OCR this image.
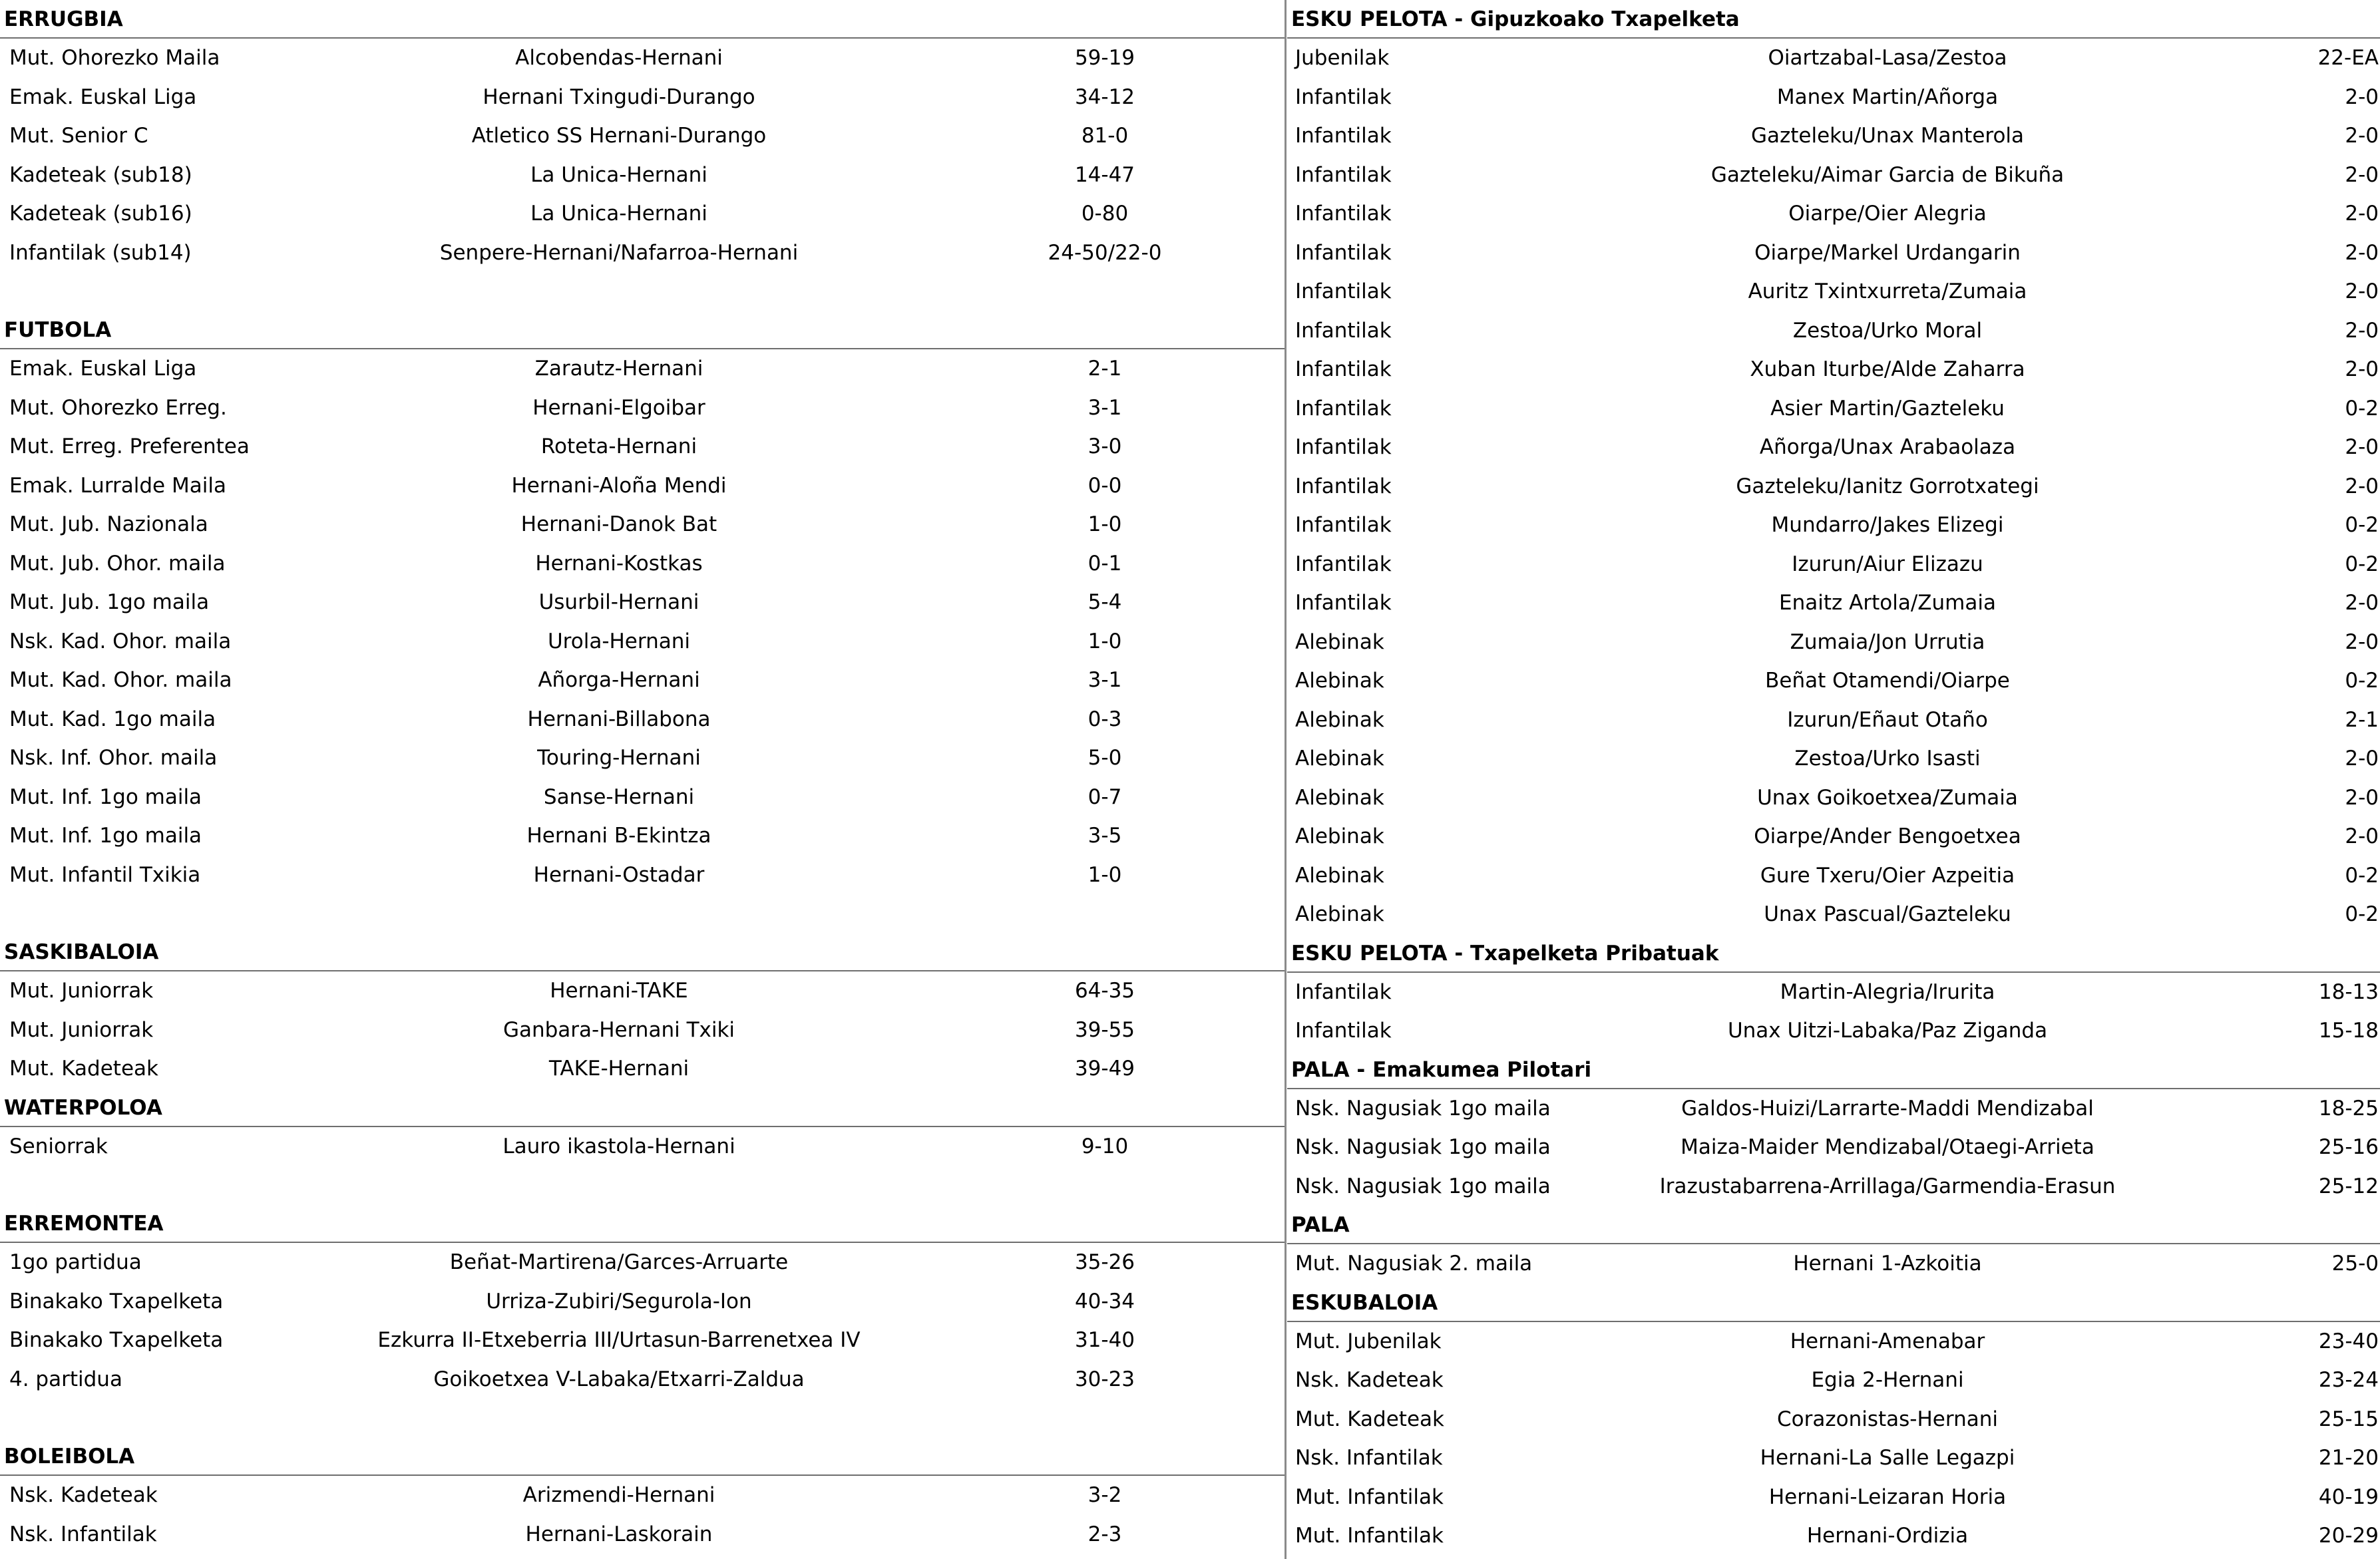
ERRUGBIA
Mut. Ohorezko Maila	Alcobendas-Hernani	59-19
Emak. Euskal Liga	Hernani Txingudi-Durango	34-12
Mut. Senior C	Atletico SS Hernani-Durango	81-0
Kadeteak (sub18)	La Unica-Hernani	14-47
Kadeteak (sub16)	La Unica-Hernani	0-80
Infantilak (sub14)	Senpere-Hernani/Nafarroa-Hernani	24-50/22-0
FUTBOLA
Emak. Euskal Liga	Zarautz-Hernani	2-1
Mut. Ohorezko Erreg.	Hernani-Elgoibar	3-1
Mut. Erreg. Preferentea	Roteta-Hernani	3-0
Emak. Lurralde Maila	Hernani-Aloña Mendi	0-0
Mut. Jub. Nazionala	Hernani-Danok Bat	1-0
Mut. Jub. Ohor. maila	Hernani-Kostkas	0-1
Mut. Jub. 1go maila	Usurbil-Hernani	5-4
Nsk. Kad. Ohor. maila	Urola-Hernani	1-0
Mut. Kad. Ohor. maila	Añorga-Hernani	3-1
Mut. Kad. 1go maila	Hernani-Billabona	0-3
Nsk. Inf. Ohor. maila	Touring-Hernani	5-0
Mut. Inf. 1go maila	Sanse-Hernani	0-7
Mut. Inf. 1go maila	Hernani B-Ekintza	3-5
Mut. Infantil Txikia	Hernani-Ostadar	1-0
SASKIBALOIA
Mut. Juniorrak	Hernani-TAKE	64-35
Mut. Juniorrak	Ganbara-Hernani Txiki	39-55
Mut. Kadeteak	TAKE-Hernani	39-49
WATERPOLOA
Seniorrak	Lauro ikastola-Hernani	9-10
ERREMONTEA
1go partidua	Beñat-Martirena/Garces-Arruarte	35-26
Binakako Txapelketa	Urriza-Zubiri/Segurola-Ion	40-34
Binakako Txapelketa	Ezkurra II-Etxeberria III/Urtasun-Barrenetxea IV	31-40
4. partidua	Goikoetxea V-Labaka/Etxarri-Zaldua	30-23
BOLEIBOLA
Nsk. Kadeteak	Arizmendi-Hernani	3-2
Nsk. Infantilak	Hernani-Laskorain	2-3
ESKU PELOTA - Gipuzkoako Txapelketa
Jubenilak	Oiartzabal-Lasa/Zestoa	22-EA
Infantilak	Manex Martin/Añorga	2-0
Infantilak	Gazteleku/Unax Manterola	2-0
Infantilak	Gazteleku/Aimar Garcia de Bikuña	2-0
Infantilak	Oiarpe/Oier Alegria	2-0
Infantilak	Oiarpe/Markel Urdangarin	2-0
Infantilak	Auritz Txintxurreta/Zumaia	2-0
Infantilak	Zestoa/Urko Moral	2-0
Infantilak	Xuban Iturbe/Alde Zaharra	2-0
Infantilak	Asier Martin/Gazteleku	0-2
Infantilak	Añorga/Unax Arabaolaza	2-0
Infantilak	Gazteleku/Ianitz Gorrotxategi	2-0
Infantilak	Mundarro/Jakes Elizegi	0-2
Infantilak	Izurun/Aiur Elizazu	0-2
Infantilak	Enaitz Artola/Zumaia	2-0
Alebinak	Zumaia/Jon Urrutia	2-0
Alebinak	Beñat Otamendi/Oiarpe	0-2
Alebinak	Izurun/Eñaut Otaño	2-1
Alebinak	Zestoa/Urko Isasti	2-0
Alebinak	Unax Goikoetxea/Zumaia	2-0
Alebinak	Oiarpe/Ander Bengoetxea	2-0
Alebinak	Gure Txeru/Oier Azpeitia	0-2
Alebinak	Unax Pascual/Gazteleku	0-2
ESKU PELOTA - Txapelketa Pribatuak
Infantilak	Martin-Alegria/Irurita	18-13
Infantilak	Unax Uitzi-Labaka/Paz Ziganda	15-18
PALA - Emakumea Pilotari
Nsk. Nagusiak 1go maila	Galdos-Huizi/Larrarte-Maddi Mendizabal	18-25
Nsk. Nagusiak 1go maila	Maiza-Maider Mendizabal/Otaegi-Arrieta	25-16
Nsk. Nagusiak 1go maila	Irazustabarrena-Arrillaga/Garmendia-Erasun	25-12
PALA
Mut. Nagusiak 2. maila	Hernani 1-Azkoitia	25-0
ESKUBALOIA
Mut. Jubenilak	Hernani-Amenabar	23-40
Nsk. Kadeteak	Egia 2-Hernani	23-24
Mut. Kadeteak	Corazonistas-Hernani	25-15
Nsk. Infantilak	Hernani-La Salle Legazpi	21-20
Mut. Infantilak	Hernani-Leizaran Horia	40-19
Mut. Infantilak	Hernani-Ordizia	20-29
